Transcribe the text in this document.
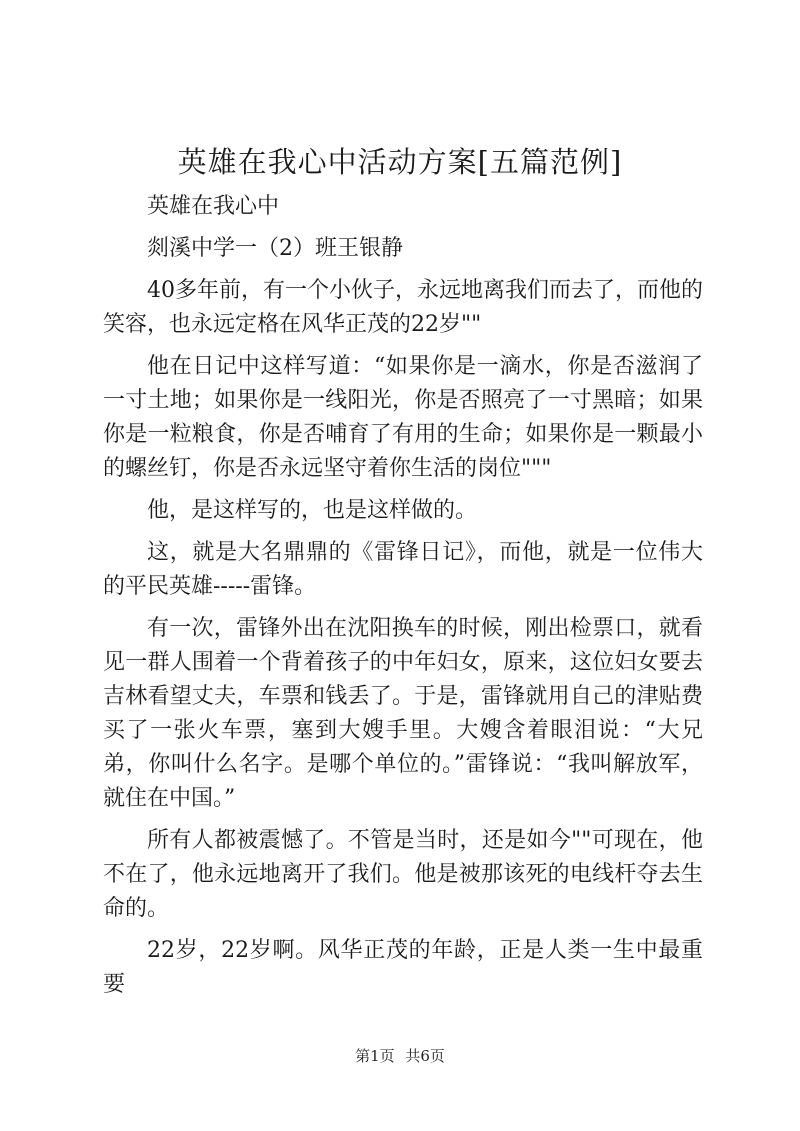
英雄在我心中活动方案[五篇范例]

英雄在我心中

剡溪中学一（2）班王银静

40多年前，有一个小伙子，永远地离我们而去了，而他的笑容，也永远定格在风华正茂的22岁""

他在日记中这样写道：“如果你是一滴水，你是否滋润了一寸土地；如果你是一线阳光，你是否照亮了一寸黑暗；如果你是一粒粮食，你是否哺育了有用的生命；如果你是一颗最小的螺丝钉，你是否永远坚守着你生活的岗位"""

他，是这样写的，也是这样做的。

这，就是大名鼎鼎的《雷锋日记》，而他，就是一位伟大的平民英雄-----雷锋。

有一次，雷锋外出在沈阳换车的时候，刚出检票口，就看见一群人围着一个背着孩子的中年妇女，原来，这位妇女要去吉林看望丈夫，车票和钱丢了。于是，雷锋就用自己的津贴费买了一张火车票，塞到大嫂手里。大嫂含着眼泪说：“大兄弟，你叫什么名字。是哪个单位的。”雷锋说：“我叫解放军，就住在中国。”

所有人都被震憾了。不管是当时，还是如今""可现在，他不在了，他永远地离开了我们。他是被那该死的电线杆夺去生命的。

22岁，22岁啊。风华正茂的年龄，正是人类一生中最重要

第1页 共6页
